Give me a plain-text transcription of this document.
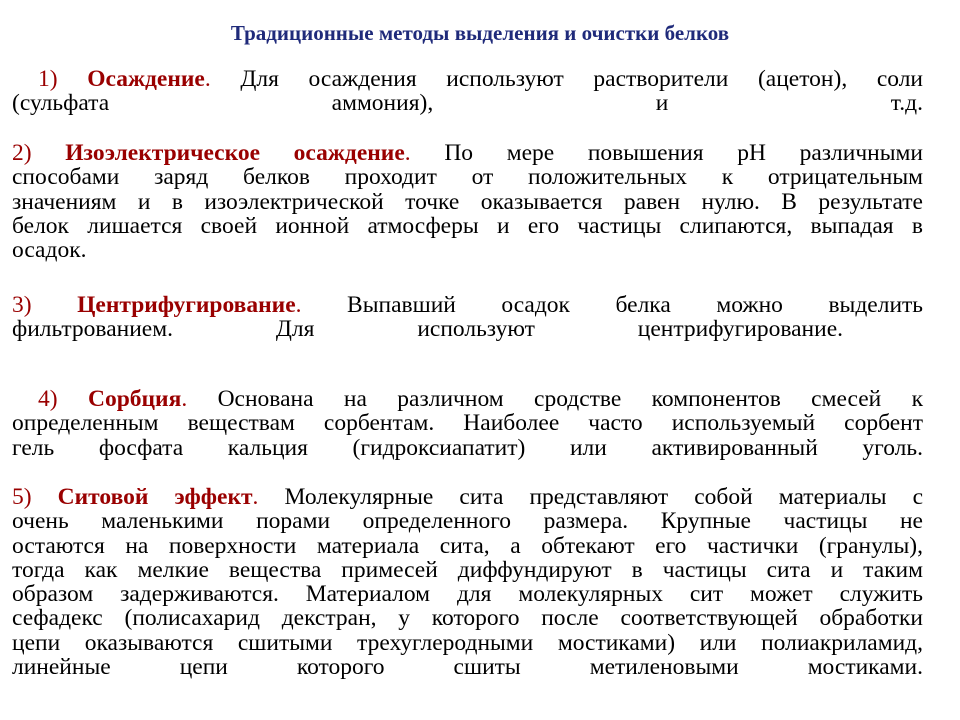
Традиционные методы выделения и очистки белков
1) Осаждение. Для осаждения используют растворители (ацетон), соли
(сульфата аммония), и т.д.
2) Изоэлектрическое осаждение. По мере повышения pH различными
способами заряд белков проходит от положительных к отрицательным
значениям и в изоэлектрической точке оказывается равен нулю. В результате
белок лишается своей ионной атмосферы и его частицы слипаются, выпадая в
осадок.
3) Центрифугирование. Выпавший осадок белка можно выделить
фильтрованием. Для используют центрифугирование.
4) Сорбция. Основана на различном сродстве компонентов смесей к
определенным веществам сорбентам. Наиболее часто используемый сорбент
гель фосфата кальция (гидроксиапатит) или активированный уголь.
5) Ситовой эффект. Молекулярные сита представляют собой материалы с
очень маленькими порами определенного размера. Крупные частицы не
остаются на поверхности материала сита, а обтекают его частички (гранулы),
тогда как мелкие вещества примесей диффундируют в частицы сита и таким
образом задерживаются. Материалом для молекулярных сит может служить
сефадекс (полисахарид декстран, у которого после соответствующей обработки
цепи оказываются сшитыми трехуглеродными мостиками) или полиакриламид,
линейные цепи которого сшиты метиленовыми мостиками.
